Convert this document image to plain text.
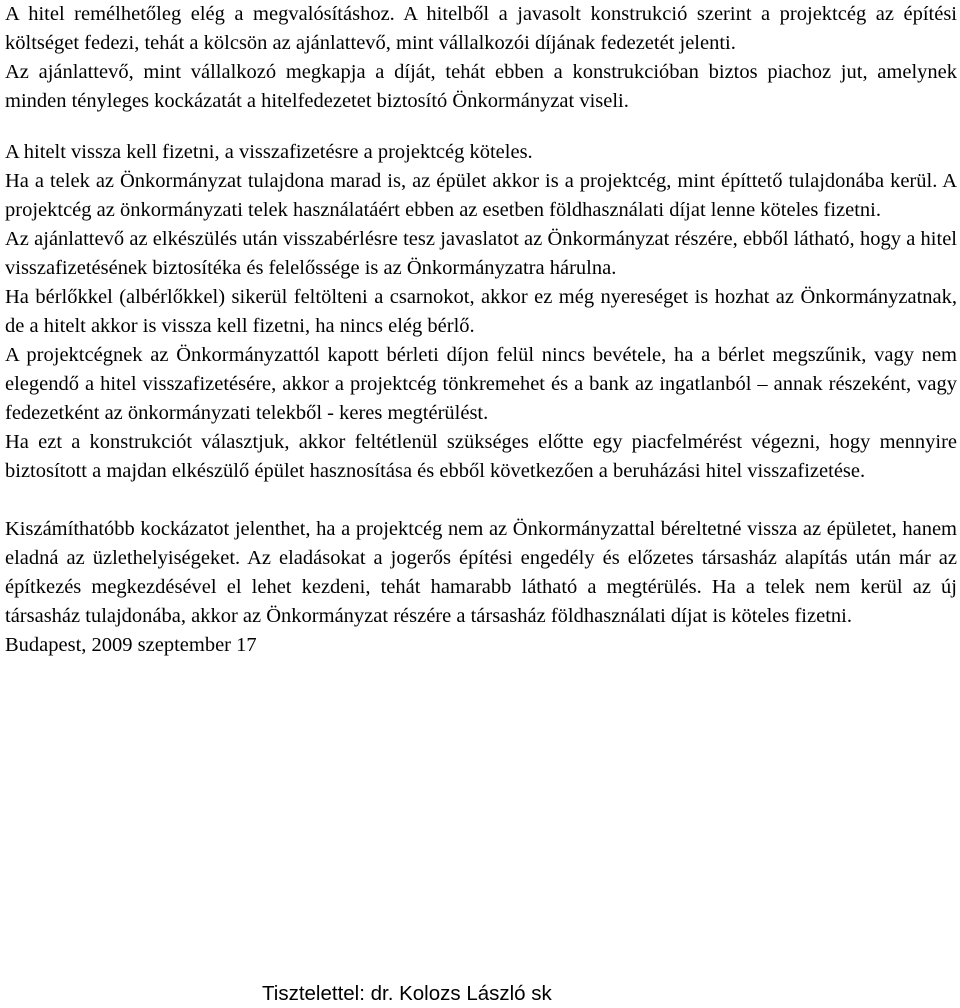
A hitel remélhetőleg elég a megvalósításhoz. A hitelből a javasolt konstrukció szerint a projektcég az építési költséget fedezi, tehát a kölcsön az ajánlattevő, mint vállalkozói díjának fedezetét jelenti.

Az ajánlattevő, mint vállalkozó megkapja a díját, tehát ebben a konstrukcióban biztos piachoz jut, amelynek minden tényleges kockázatát a hitelfedezetet biztosító Önkormányzat viseli.

A hitelt vissza kell fizetni, a visszafizetésre a projektcég köteles.

Ha a telek az Önkormányzat tulajdona marad is, az épület akkor is a projektcég, mint építtető tulajdonába kerül. A projektcég az önkormányzati telek használatáért ebben az esetben földhasználati díjat lenne köteles fizetni.

Az ajánlattevő az elkészülés után visszabérlésre tesz javaslatot az Önkormányzat részére, ebből látható, hogy a hitel visszafizetésének biztosítéka és felelőssége is az Önkormányzatra hárulna.

Ha bérlőkkel (albérlőkkel) sikerül feltölteni a csarnokot, akkor ez még nyereséget is hozhat az Önkormányzatnak, de a hitelt akkor is vissza kell fizetni, ha nincs elég bérlő.

A projektcégnek az Önkormányzattól kapott bérleti díjon felül nincs bevétele, ha a bérlet megszűnik, vagy nem elegendő a hitel visszafizetésére, akkor a projektcég tönkremehet és a bank az ingatlanból – annak részeként, vagy fedezetként az önkormányzati telekből - keres megtérülést.

Ha ezt a konstrukciót választjuk, akkor feltétlenül szükséges előtte egy piacfelmérést végezni, hogy mennyire biztosított a majdan elkészülő épület hasznosítása és ebből következően a beruházási hitel visszafizetése.

Kiszámíthatóbb kockázatot jelenthet, ha a projektcég nem az Önkormányzattal béreltetné vissza az épületet, hanem eladná az üzlethelyiségeket. Az eladásokat a jogerős építési engedély és előzetes társasház alapítás után már az építkezés megkezdésével el lehet kezdeni, tehát hamarabb látható a megtérülés. Ha a telek nem kerül az új társasház tulajdonába, akkor az Önkormányzat részére a társasház földhasználati díjat is köteles fizetni.

Budapest, 2009 szeptember 17

Tisztelettel: dr. Kolozs László sk
